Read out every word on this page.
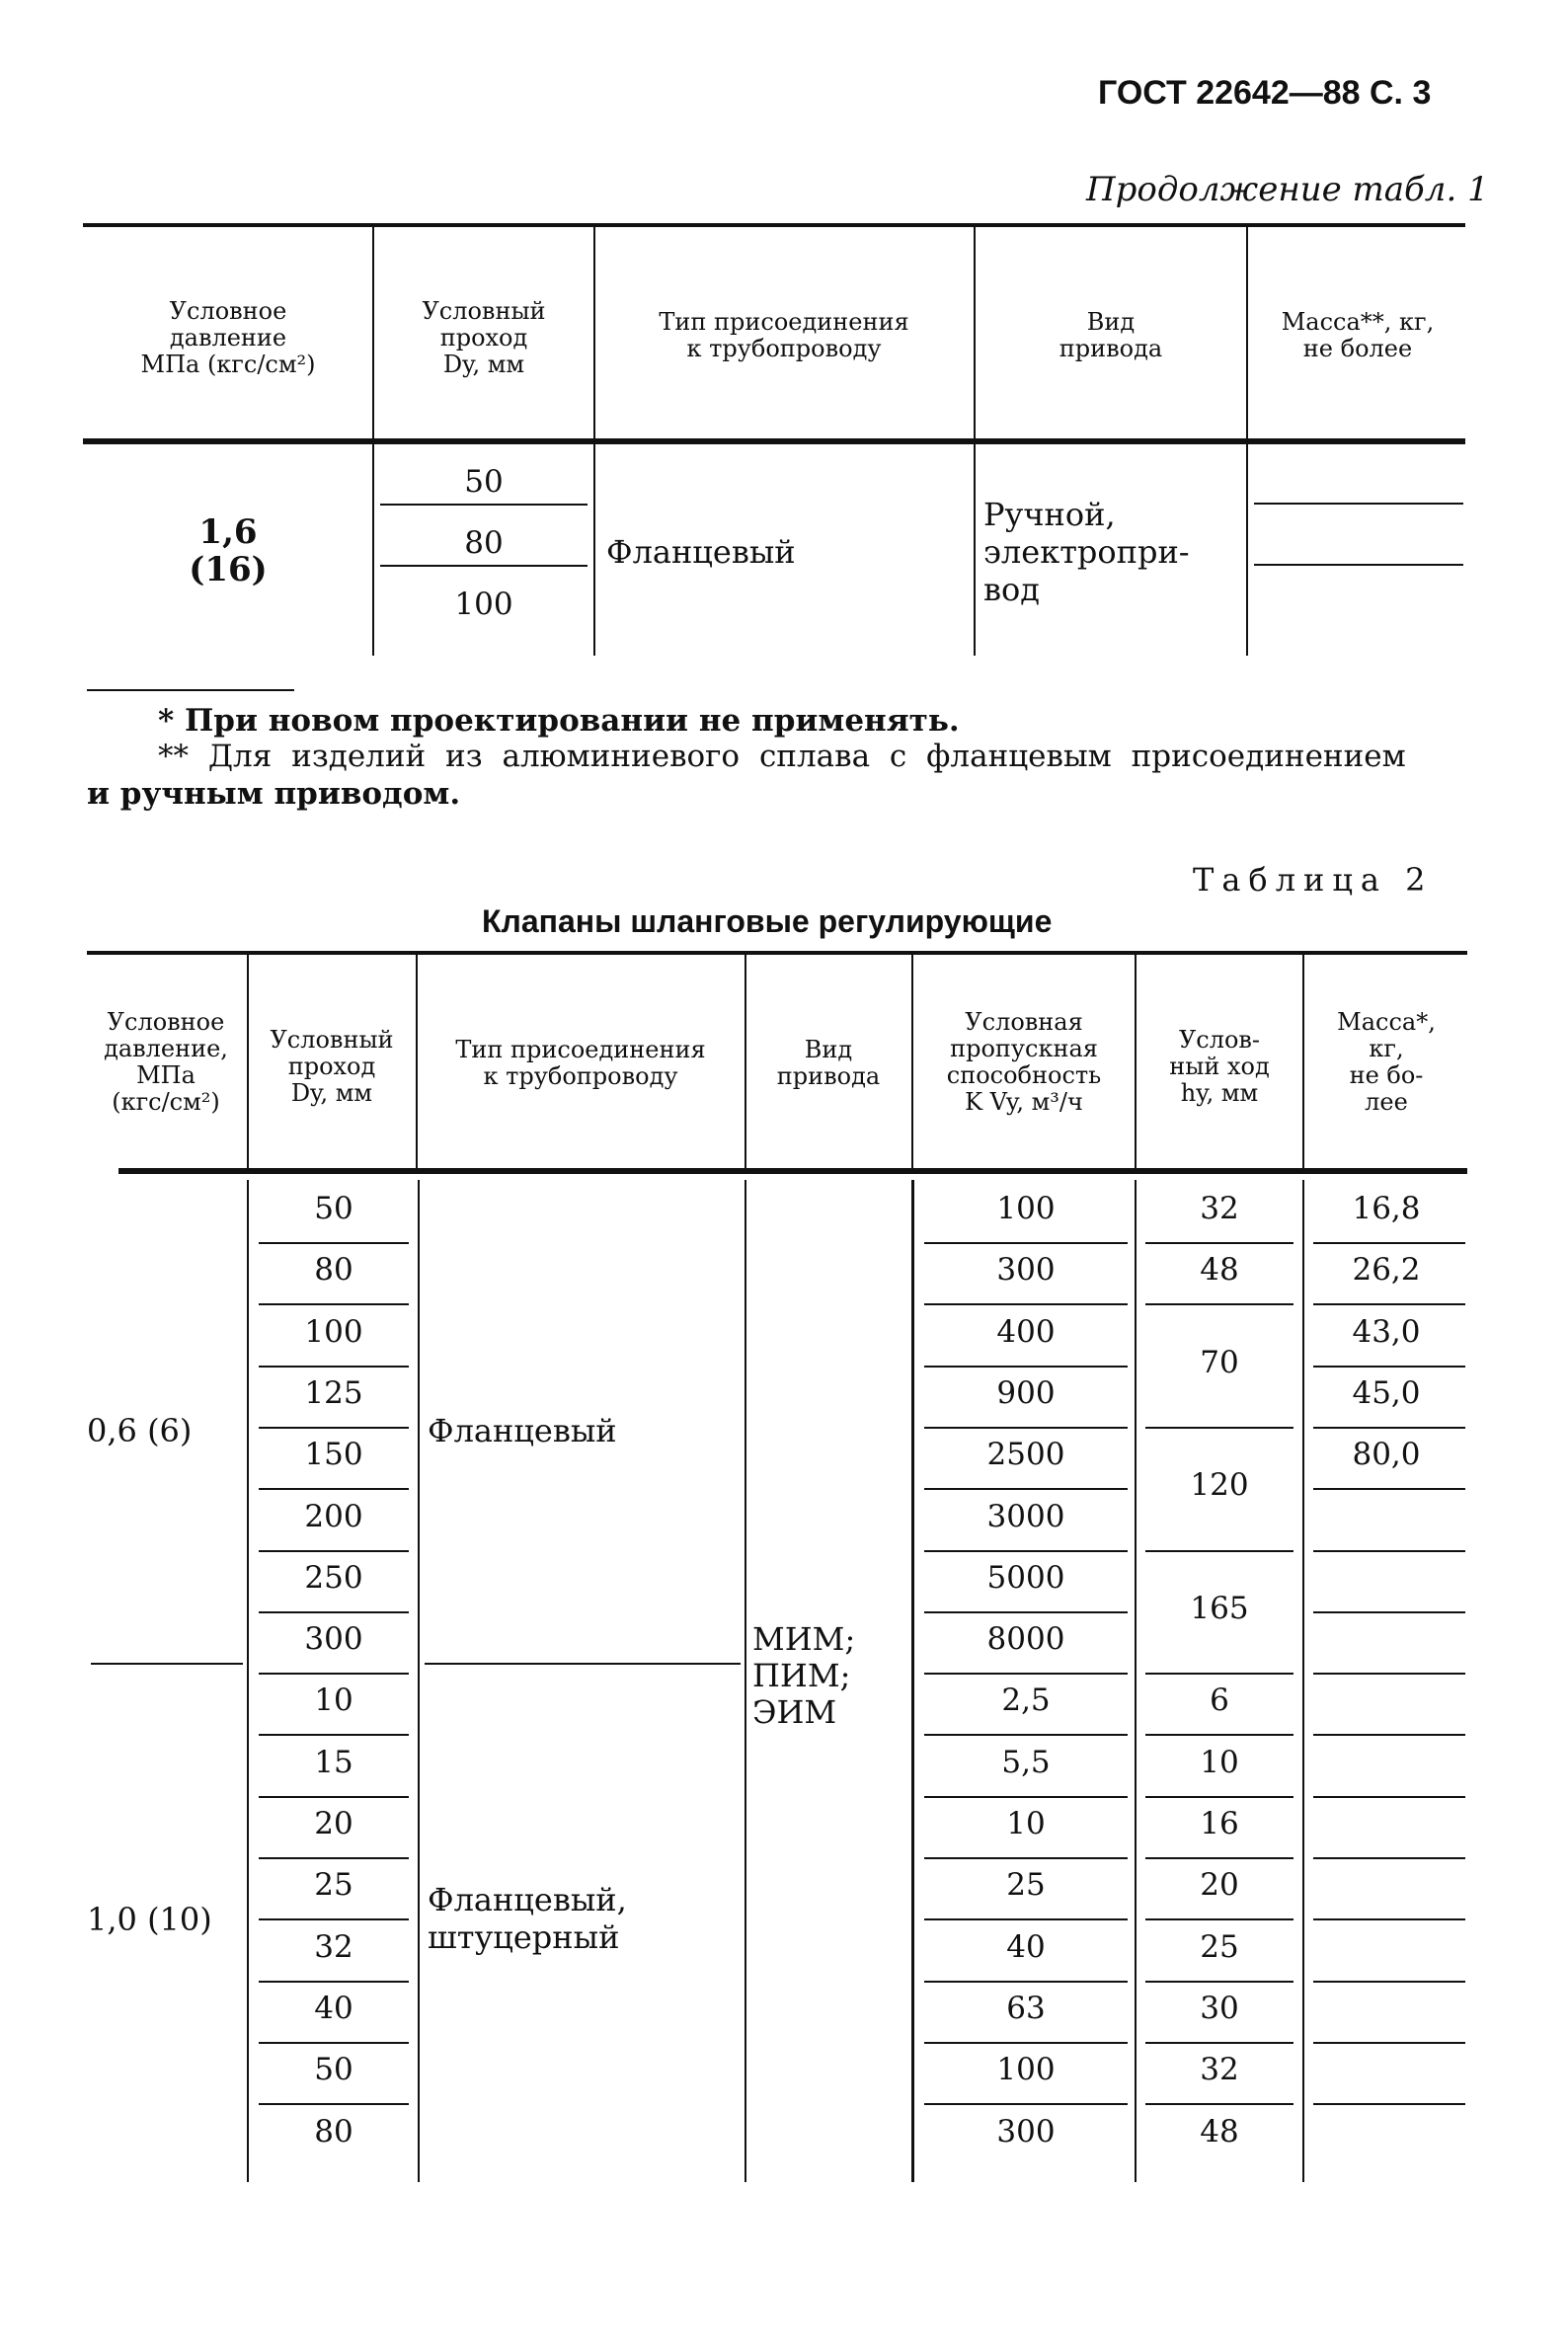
ГОСТ 22642—88 С. 3
Продолжение табл. 1
Условное
давление
МПа (кгс/см²)
Условный
проход
Dy, мм
Тип присоединения
к трубопроводу
Вид
привода
Масса**, кг,
не более
1,6
(16)
50
80
100
Фланцевый
Ручной,
электропри-
вод
* При новом проектировании не применять.
** Для изделий из алюминиевого сплава с фланцевым присоединением
и ручным приводом.
Таблица 2
Клапаны шланговые регулирующие
Условное
давление,
МПа
(кгс/см²)
Условный
проход
Dy, мм
Тип присоединения
к трубопроводу
Вид
привода
Условная
пропускная
способность
K Vy, м³/ч
Услов-
ный ход
hy, мм
Масса*,
кг,
не бо-
лее
0,6 (6)
1,0 (10)
Фланцевый
Фланцевый,
штуцерный
МИМ;
ПИМ;
ЭИМ
50
80
100
125
150
200
250
300
10
15
20
25
32
40
50
80
100
300
400
900
2500
3000
5000
8000
2,5
5,5
10
25
40
63
100
300
32
48
70
120
165
6
10
16
20
25
30
32
48
16,8
26,2
43,0
45,0
80,0
